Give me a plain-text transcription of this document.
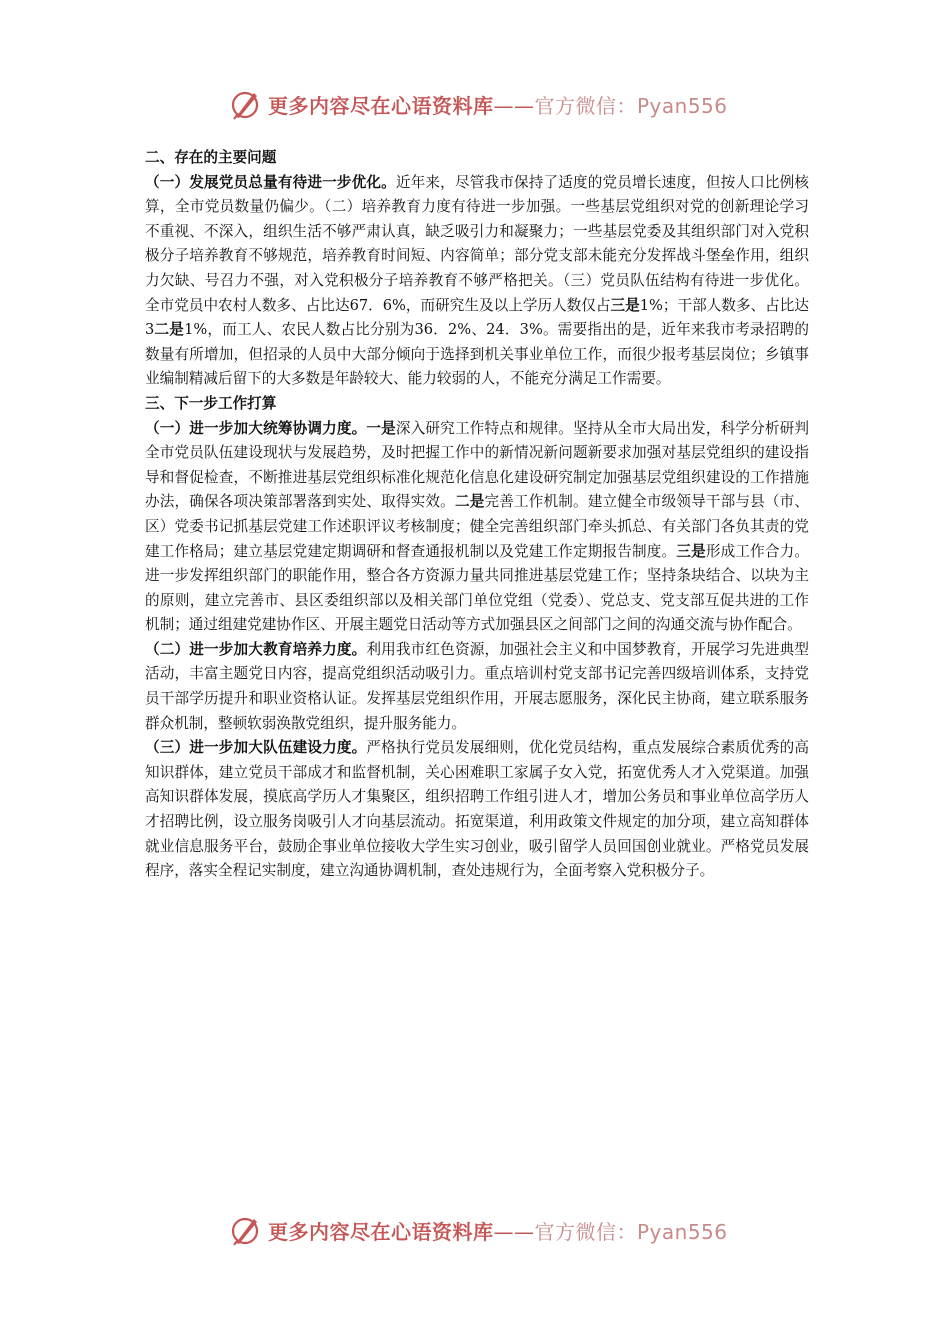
更多内容尽在心语资料库——官方微信：Pyan556

二、存在的主要问题

（一）发展党员总量有待进一步优化。近年来，尽管我市保持了适度的党员增长速度，但按人口比例核算，全市党员数量仍偏少。（二）培养教育力度有待进一步加强。一些基层党组织对党的创新理论学习不重视、不深入，组织生活不够严肃认真，缺乏吸引力和凝聚力；一些基层党委及其组织部门对入党积极分子培养教育不够规范，培养教育时间短、内容简单；部分党支部未能充分发挥战斗堡垒作用，组织力欠缺、号召力不强，对入党积极分子培养教育不够严格把关。（三）党员队伍结构有待进一步优化。全市党员中农村人数多、占比达67．6%，而研究生及以上学历人数仅占三是1%；干部人数多、占比达3二是1%，而工人、农民人数占比分别为36．2%、24．3%。需要指出的是，近年来我市考录招聘的数量有所增加，但招录的人员中大部分倾向于选择到机关事业单位工作，而很少报考基层岗位；乡镇事业编制精减后留下的大多数是年龄较大、能力较弱的人，不能充分满足工作需要。

三、下一步工作打算

（一）进一步加大统筹协调力度。一是深入研究工作特点和规律。坚持从全市大局出发，科学分析研判全市党员队伍建设现状与发展趋势，及时把握工作中的新情况新问题新要求加强对基层党组织的建设指导和督促检查，不断推进基层党组织标准化规范化信息化建设研究制定加强基层党组织建设的工作措施办法，确保各项决策部署落到实处、取得实效。二是完善工作机制。建立健全市级领导干部与县（市、区）党委书记抓基层党建工作述职评议考核制度；健全完善组织部门牵头抓总、有关部门各负其责的党建工作格局；建立基层党建定期调研和督查通报机制以及党建工作定期报告制度。三是形成工作合力。进一步发挥组织部门的职能作用，整合各方资源力量共同推进基层党建工作；坚持条块结合、以块为主的原则，建立完善市、县区委组织部以及相关部门单位党组（党委）、党总支、党支部互促共进的工作机制；通过组建党建协作区、开展主题党日活动等方式加强县区之间部门之间的沟通交流与协作配合。

（二）进一步加大教育培养力度。利用我市红色资源，加强社会主义和中国梦教育，开展学习先进典型活动，丰富主题党日内容，提高党组织活动吸引力。重点培训村党支部书记完善四级培训体系，支持党员干部学历提升和职业资格认证。发挥基层党组织作用，开展志愿服务，深化民主协商，建立联系服务群众机制，整顿软弱涣散党组织，提升服务能力。

（三）进一步加大队伍建设力度。严格执行党员发展细则，优化党员结构，重点发展综合素质优秀的高知识群体，建立党员干部成才和监督机制，关心困难职工家属子女入党，拓宽优秀人才入党渠道。加强高知识群体发展，摸底高学历人才集聚区，组织招聘工作组引进人才，增加公务员和事业单位高学历人才招聘比例，设立服务岗吸引人才向基层流动。拓宽渠道，利用政策文件规定的加分项，建立高知群体就业信息服务平台，鼓励企事业单位接收大学生实习创业，吸引留学人员回国创业就业。严格党员发展程序，落实全程记实制度，建立沟通协调机制，查处违规行为，全面考察入党积极分子。

更多内容尽在心语资料库——官方微信：Pyan556
